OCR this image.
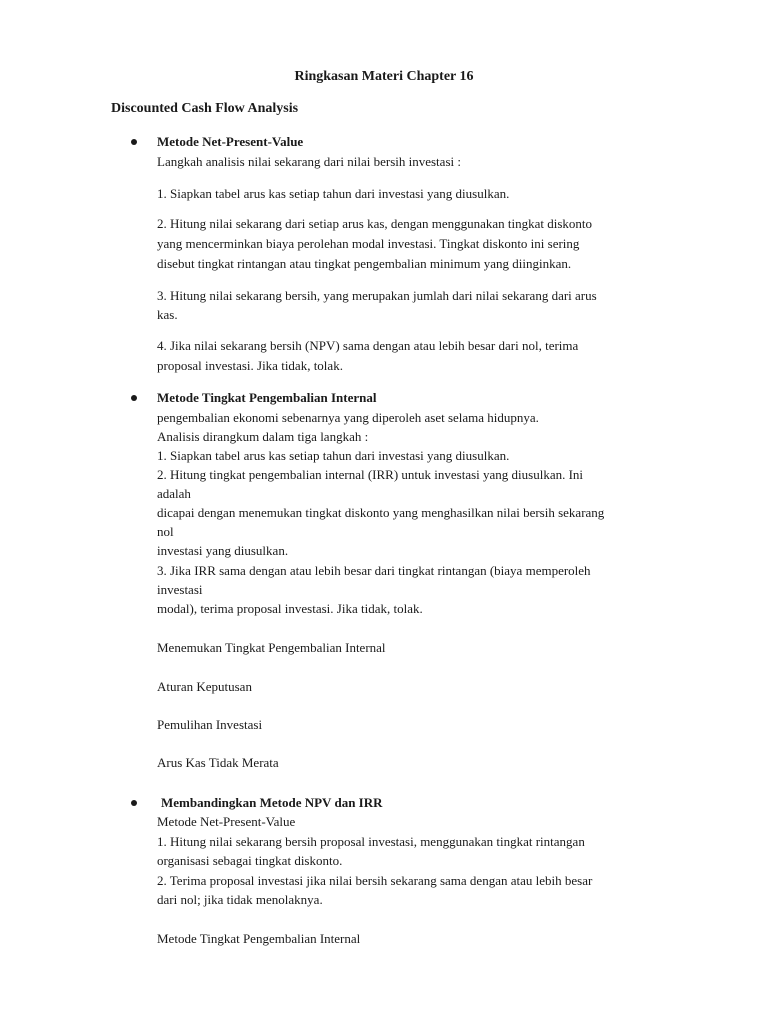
Ringkasan Materi Chapter 16
Discounted Cash Flow Analysis
Metode Net-Present-Value
Langkah analisis nilai sekarang dari nilai bersih investasi :
1. Siapkan tabel arus kas setiap tahun dari investasi yang diusulkan.
2. Hitung nilai sekarang dari setiap arus kas, dengan menggunakan tingkat diskonto
yang mencerminkan biaya perolehan modal investasi. Tingkat diskonto ini sering
disebut tingkat rintangan atau tingkat pengembalian minimum yang diinginkan.
3. Hitung nilai sekarang bersih, yang merupakan jumlah dari nilai sekarang dari arus
kas.
4. Jika nilai sekarang bersih (NPV) sama dengan atau lebih besar dari nol, terima
proposal investasi. Jika tidak, tolak.
Metode Tingkat Pengembalian Internal
pengembalian ekonomi sebenarnya yang diperoleh aset selama hidupnya.
Analisis dirangkum dalam tiga langkah :
1. Siapkan tabel arus kas setiap tahun dari investasi yang diusulkan.
2. Hitung tingkat pengembalian internal (IRR) untuk investasi yang diusulkan. Ini
adalah
dicapai dengan menemukan tingkat diskonto yang menghasilkan nilai bersih sekarang
nol
investasi yang diusulkan.
3. Jika IRR sama dengan atau lebih besar dari tingkat rintangan (biaya memperoleh
investasi
modal), terima proposal investasi. Jika tidak, tolak.
Menemukan Tingkat Pengembalian Internal
Aturan Keputusan
Pemulihan Investasi
Arus Kas Tidak Merata
Membandingkan Metode NPV dan IRR
Metode Net-Present-Value
1. Hitung nilai sekarang bersih proposal investasi, menggunakan tingkat rintangan
organisasi sebagai tingkat diskonto.
2. Terima proposal investasi jika nilai bersih sekarang sama dengan atau lebih besar
dari nol; jika tidak menolaknya.
Metode Tingkat Pengembalian Internal
